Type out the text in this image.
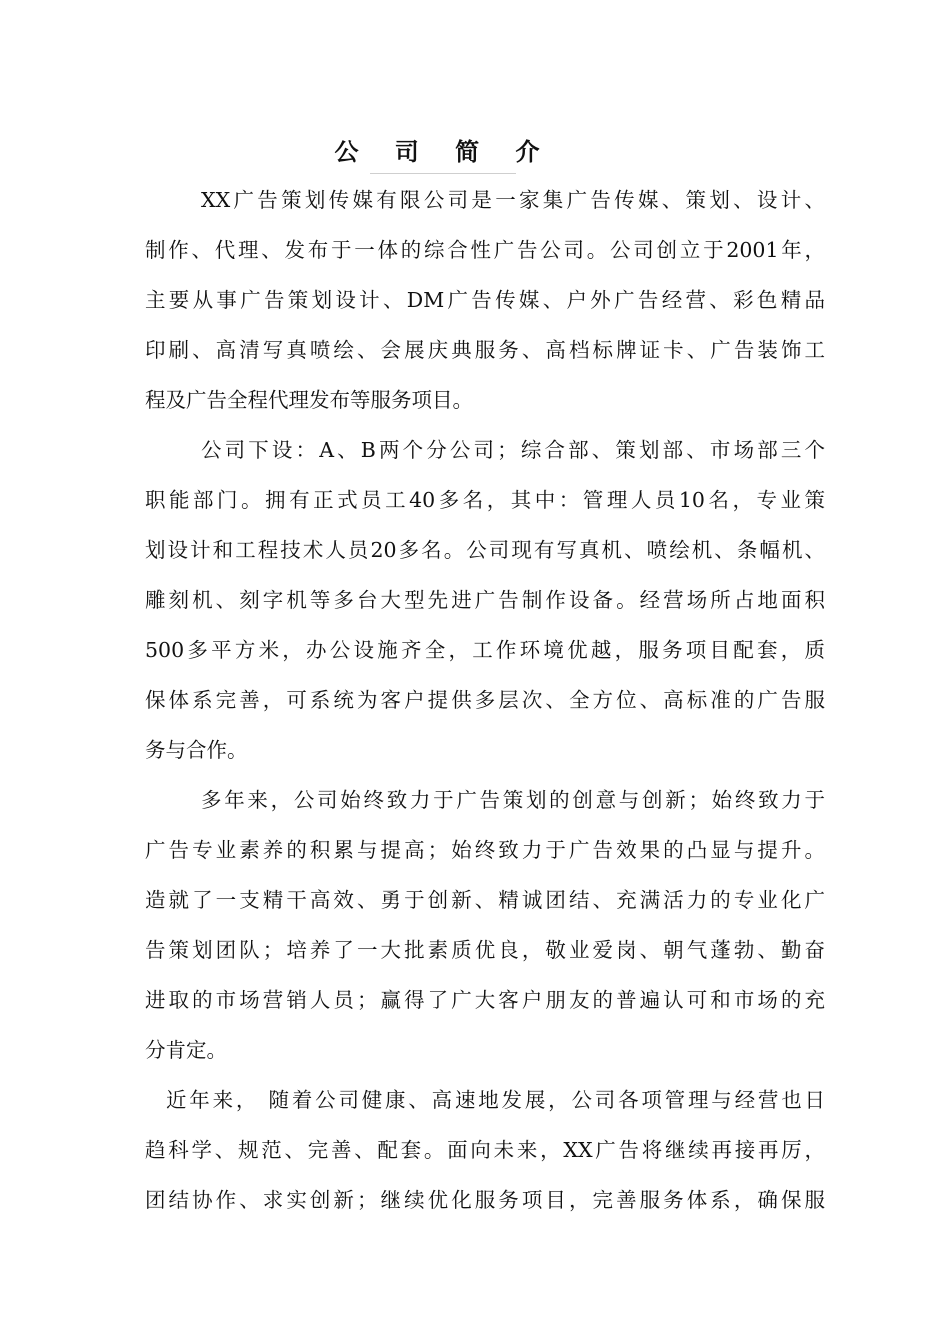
公 司 简 介
XX广告策划传媒有限公司是一家集广告传媒、策划、设计、
制作、代理、发布于一体的综合性广告公司。公司创立于2001年，
主要从事广告策划设计、DM广告传媒、户外广告经营、彩色精品
印刷、高清写真喷绘、会展庆典服务、高档标牌证卡、广告装饰工
程及广告全程代理发布等服务项目。
公司下设：A、B两个分公司；综合部、策划部、市场部三个
职能部门。拥有正式员工40多名，其中：管理人员10名，专业策
划设计和工程技术人员20多名。公司现有写真机、喷绘机、条幅机、
雕刻机、刻字机等多台大型先进广告制作设备。经营场所占地面积
500多平方米，办公设施齐全，工作环境优越，服务项目配套，质
保体系完善，可系统为客户提供多层次、全方位、高标准的广告服
务与合作。
多年来，公司始终致力于广告策划的创意与创新；始终致力于
广告专业素养的积累与提高；始终致力于广告效果的凸显与提升。
造就了一支精干高效、勇于创新、精诚团结、充满活力的专业化广
告策划团队；培养了一大批素质优良，敬业爱岗、朝气蓬勃、勤奋
进取的市场营销人员；赢得了广大客户朋友的普遍认可和市场的充
分肯定。
近年来， 随着公司健康、高速地发展，公司各项管理与经营也日
趋科学、规范、完善、配套。面向未来，XX广告将继续再接再厉，
团结协作、求实创新；继续优化服务项目，完善服务体系，确保服
